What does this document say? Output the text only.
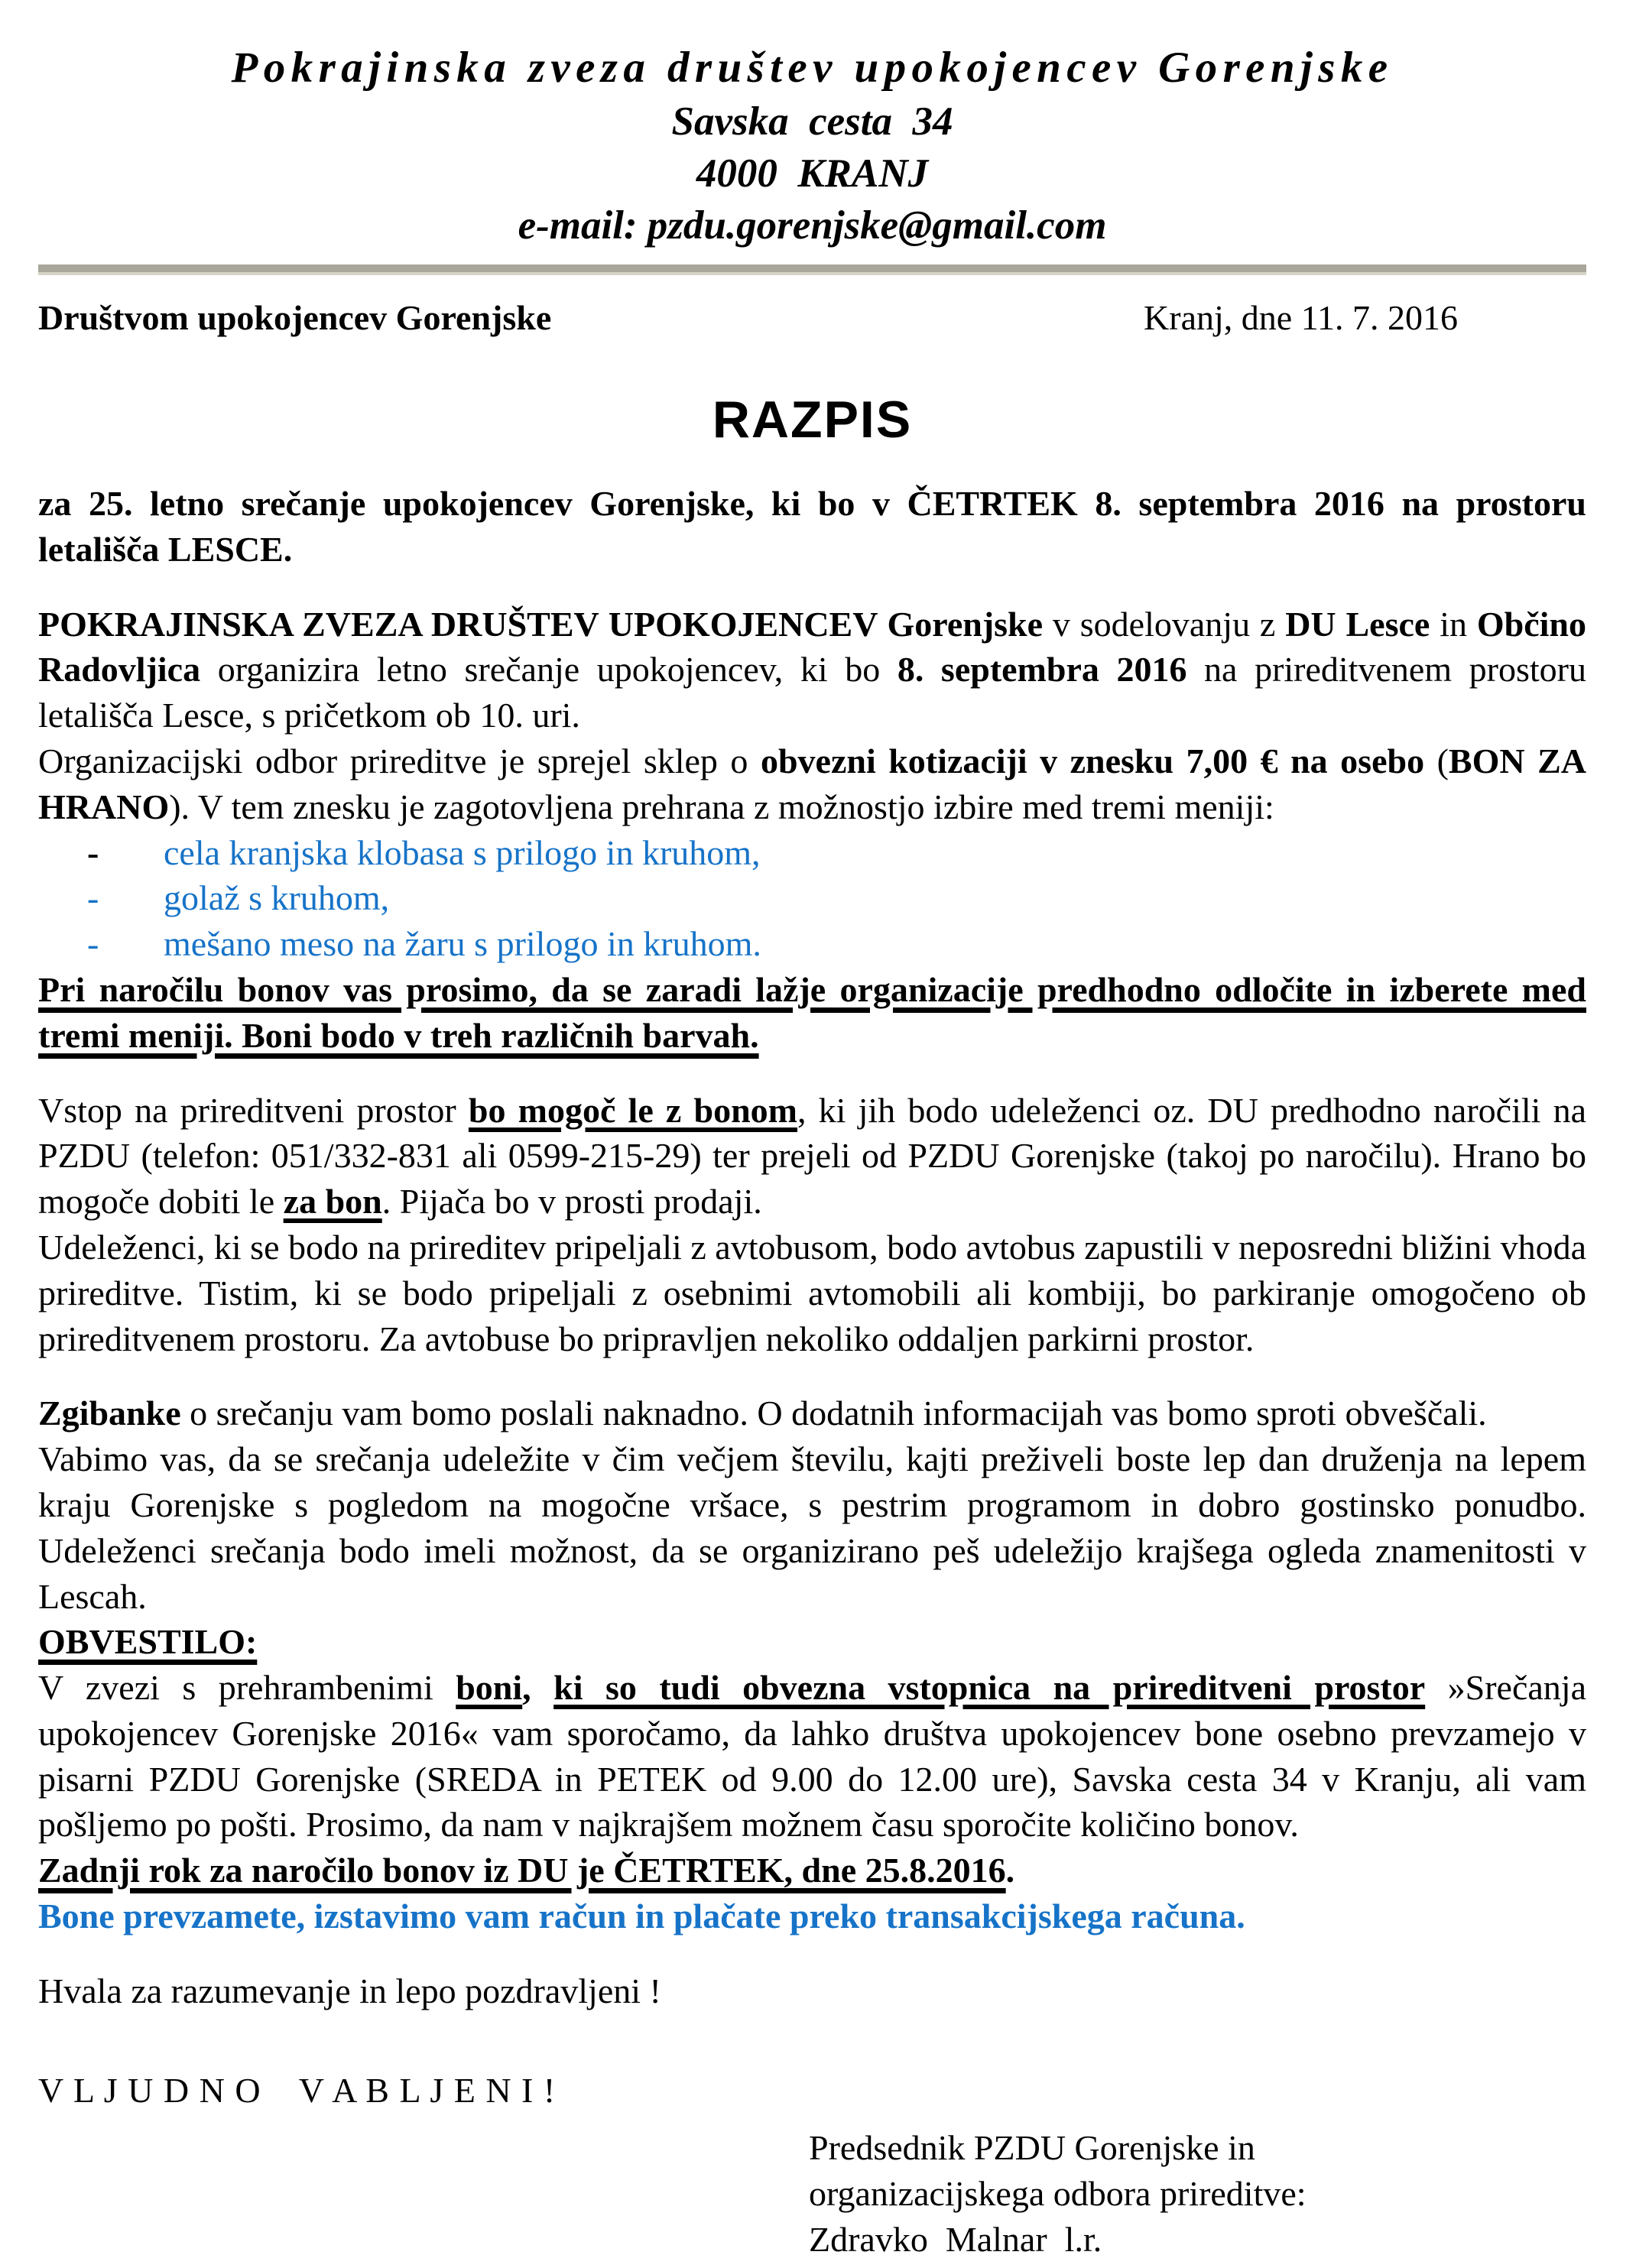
Pokrajinska zveza društev upokojencev Gorenjske
Savska  cesta  34
4000  KRANJ
e-mail: pzdu.gorenjske@gmail.com
Društvom upokojencev Gorenjske	Kranj, dne 11. 7. 2016
RAZPIS

za 25. letno srečanje upokojencev Gorenjske, ki bo v ČETRTEK 8. septembra 2016 na prostoru letališča LESCE.

POKRAJINSKA ZVEZA DRUŠTEV UPOKOJENCEV Gorenjske v sodelovanju z DU Lesce in Občino Radovljica organizira letno srečanje upokojencev, ki bo 8. septembra 2016 na prireditvenem prostoru letališča Lesce, s pričetkom ob 10. uri.

Organizacijski odbor prireditve je sprejel sklep o obvezni kotizaciji v znesku 7,00 € na osebo (BON ZA HRANO). V tem znesku je zagotovljena prehrana z možnostjo izbire med tremi meniji:

-	cela kranjska klobasa s prilogo in kruhom,
-	golaž s kruhom,
-	mešano meso na žaru s prilogo in kruhom.

Pri naročilu bonov vas prosimo, da se zaradi lažje organizacije predhodno odločite in izberete med tremi meniji. Boni bodo v treh različnih barvah.

Vstop na prireditveni prostor bo mogoč le z bonom, ki jih bodo udeleženci oz. DU predhodno naročili na PZDU (telefon: 051/332-831 ali 0599-215-29) ter prejeli od PZDU Gorenjske (takoj po naročilu). Hrano bo mogoče dobiti le za bon. Pijača bo v prosti prodaji.

Udeleženci, ki se bodo na prireditev pripeljali z avtobusom, bodo avtobus zapustili v neposredni bližini vhoda prireditve. Tistim, ki se bodo pripeljali z osebnimi avtomobili ali kombiji, bo parkiranje omogočeno ob prireditvenem prostoru. Za avtobuse bo pripravljen nekoliko oddaljen parkirni prostor.

Zgibanke o srečanju vam bomo poslali naknadno. O dodatnih informacijah vas bomo sproti obveščali.

Vabimo vas, da se srečanja udeležite v čim večjem številu, kajti preživeli boste lep dan druženja na lepem kraju Gorenjske s pogledom na mogočne vršace, s pestrim programom in dobro gostinsko ponudbo. Udeleženci srečanja bodo imeli možnost, da se organizirano peš udeležijo krajšega ogleda znamenitosti v Lescah.

OBVESTILO:

V zvezi s prehrambenimi boni, ki so tudi obvezna vstopnica na prireditveni prostor »Srečanja upokojencev Gorenjske 2016« vam sporočamo, da lahko društva upokojencev bone osebno prevzamejo v pisarni PZDU Gorenjske (SREDA in PETEK od 9.00 do 12.00 ure), Savska cesta 34 v Kranju, ali vam pošljemo po pošti. Prosimo, da nam v najkrajšem možnem času sporočite količino bonov.

Zadnji rok za naročilo bonov iz DU je ČETRTEK, dne 25.8.2016.

Bone prevzamete, izstavimo vam račun in plačate preko transakcijskega računa.

Hvala za razumevanje in lepo pozdravljeni !

V L J U D N O    V A B L J E N I !

Predsednik PZDU Gorenjske in
organizacijskega odbora prireditve:
Zdravko  Malnar  l.r.
